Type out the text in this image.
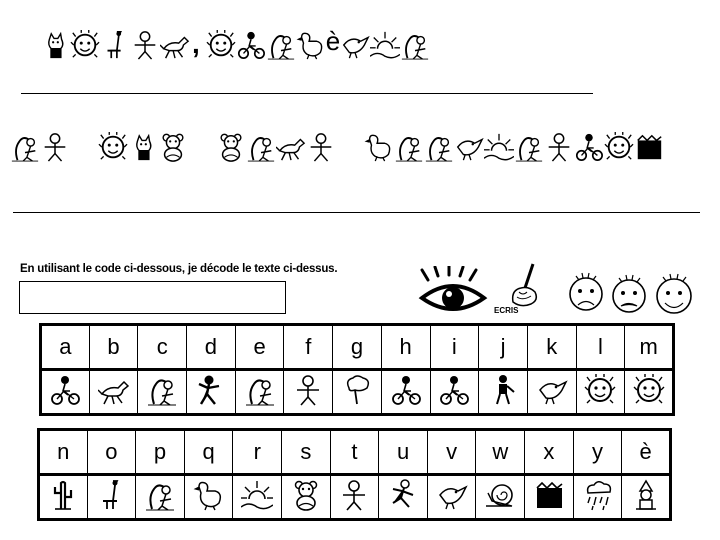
,	è
En utilisant le code ci-dessous, je décode le texte ci-dessus.
ECRIS
a	b	c	d	e	f	g	h	i	j	k	l	m

n	o	p	q	r	s	t	u	v	w	x	y	è
